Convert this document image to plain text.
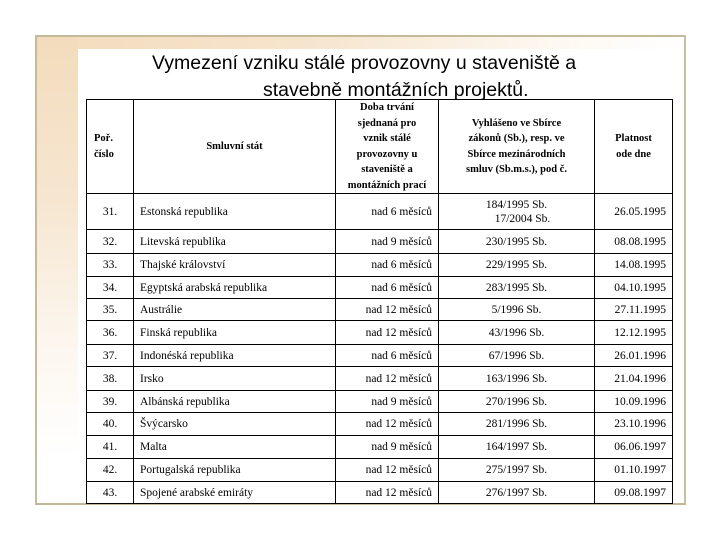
Vymezení vzniku stálé provozovny u staveniště a
stavebně montážních projektů.
Poř.
číslo	Smluvní stát	Doba trvání
sjednaná pro
vznik stálé
provozovny u
staveniště a
montážních prací	Vyhlášeno ve Sbírce
zákonů (Sb.), resp. ve
Sbírce mezinárodních
smluv (Sb.m.s.), pod č.	Platnost
ode dne
31.	Estonská republika	nad 6 měsíců	184/1995 Sb.
17/2004 Sb.	26.05.1995
32.	Litevská republika	nad 9 měsíců	230/1995 Sb.	08.08.1995
33.	Thajské království	nad 6 měsíců	229/1995 Sb.	14.08.1995
34.	Egyptská arabská republika	nad 6 měsíců	283/1995 Sb.	04.10.1995
35.	Austrálie	nad 12 měsíců	5/1996 Sb.	27.11.1995
36.	Finská republika	nad 12 měsíců	43/1996 Sb.	12.12.1995
37.	Indonéská republika	nad 6 měsíců	67/1996 Sb.	26.01.1996
38.	Irsko	nad 12 měsíců	163/1996 Sb.	21.04.1996
39.	Albánská republika	nad 9 měsíců	270/1996 Sb.	10.09.1996
40.	Švýcarsko	nad 12 měsíců	281/1996 Sb.	23.10.1996
41.	Malta	nad 9 měsíců	164/1997 Sb.	06.06.1997
42.	Portugalská republika	nad 12 měsíců	275/1997 Sb.	01.10.1997
43.	Spojené arabské emiráty	nad 12 měsíců	276/1997 Sb.	09.08.1997
